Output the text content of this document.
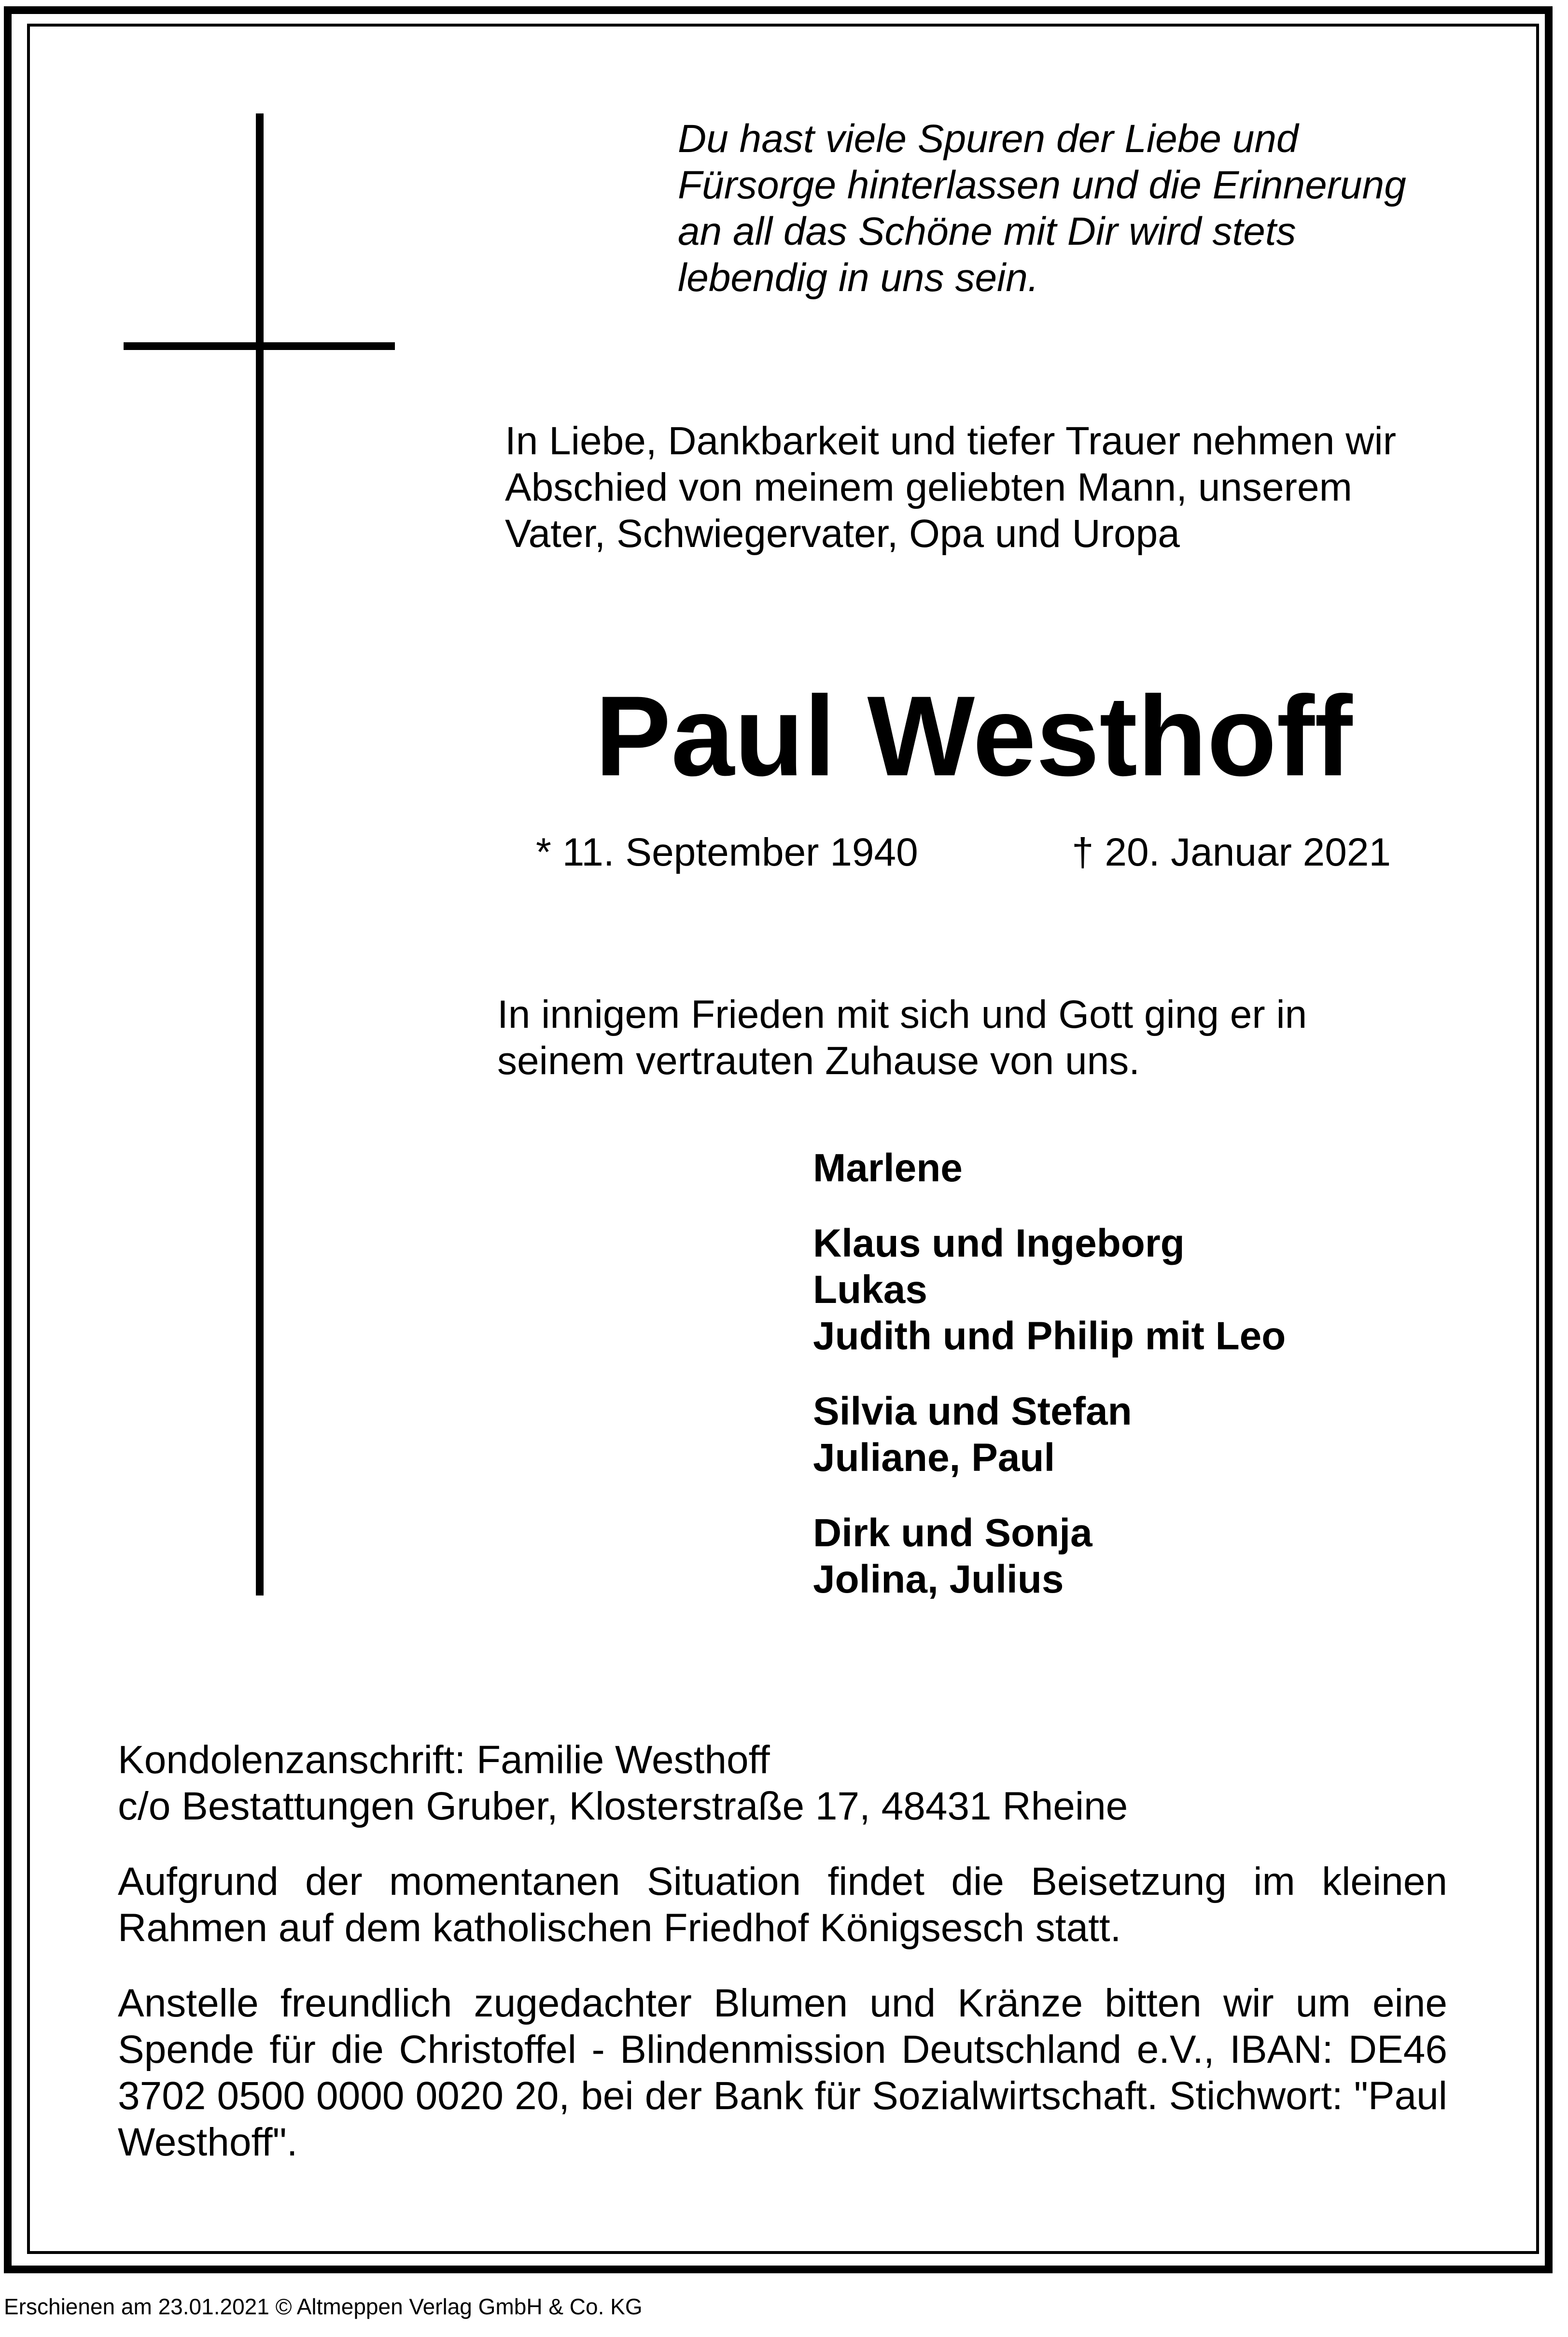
Du hast viele Spuren der Liebe und
Fürsorge hinterlassen und die Erinnerung
an all das Schöne mit Dir wird stets
lebendig in uns sein.
In Liebe, Dankbarkeit und tiefer Trauer nehmen wir
Abschied von meinem geliebten Mann, unserem
Vater, Schwiegervater, Opa und Uropa
Paul Westhoff
* 11. September 1940	† 20. Januar 2021
In innigem Frieden mit sich und Gott ging er in
seinem vertrauten Zuhause von uns.
Marlene
Klaus und Ingeborg
Lukas
Judith und Philip mit Leo
Silvia und Stefan
Juliane, Paul
Dirk und Sonja
Jolina, Julius

Kondolenzanschrift: Familie Westhoff
c/o Bestattungen Gruber, Klosterstraße 17, 48431 Rheine

Aufgrund der momentanen Situation findet die Beisetzung im kleinen Rahmen auf dem katholischen Friedhof Königsesch statt.

Anstelle freundlich zugedachter Blumen und Kränze bitten wir um eine Spende für die Christoffel - Blindenmission Deutschland e.V., IBAN: DE46 3702 0500 0000 0020 20, bei der Bank für Sozialwirtschaft. Stichwort: "Paul Westhoff".

Erschienen am 23.01.2021 © Altmeppen Verlag GmbH & Co. KG
